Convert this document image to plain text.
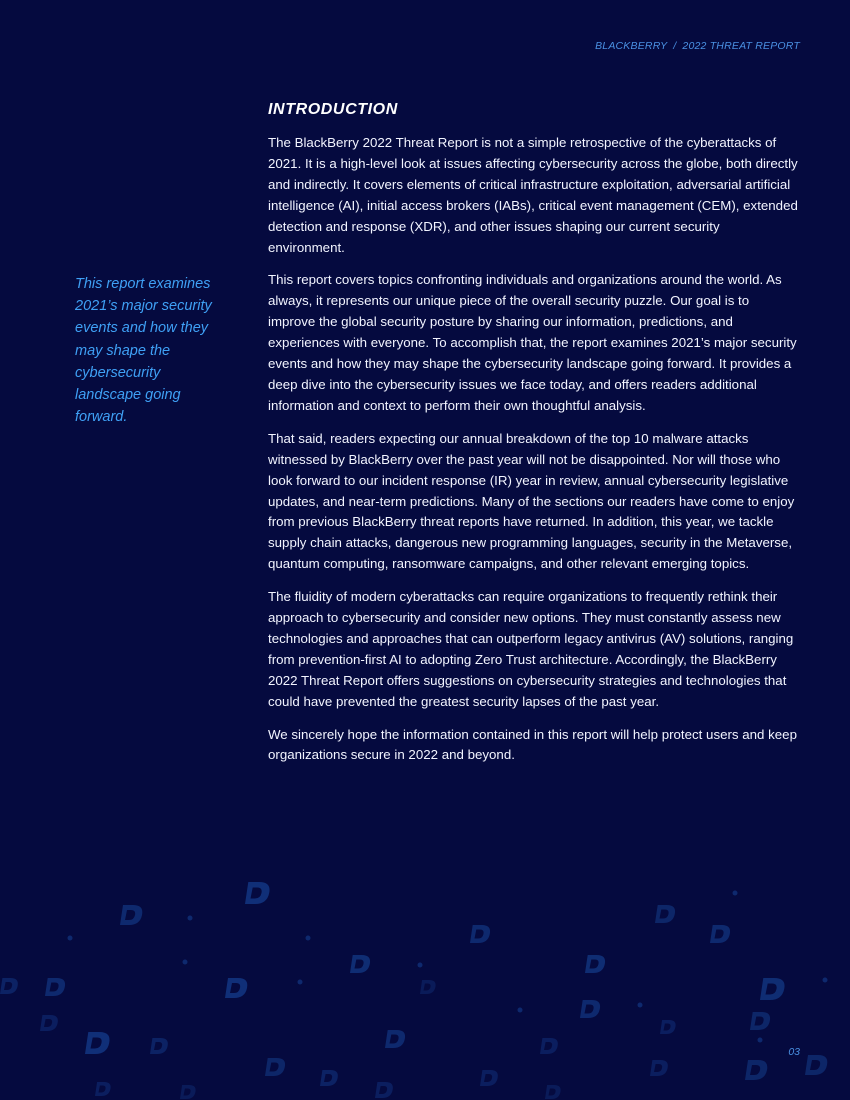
BLACKBERRY / 2022 THREAT REPORT
This report examines 2021’s major security events and how they may shape the cybersecurity landscape going forward.
INTRODUCTION

The BlackBerry 2022 Threat Report is not a simple retrospective of the cyberattacks of 2021. It is a high-level look at issues affecting cybersecurity across the globe, both directly and indirectly. It covers elements of critical infrastructure exploitation, adversarial artificial intelligence (AI), initial access brokers (IABs), critical event management (CEM), extended detection and response (XDR), and other issues shaping our current security environment.

This report covers topics confronting individuals and organizations around the world. As always, it represents our unique piece of the overall security puzzle. Our goal is to improve the global security posture by sharing our information, predictions, and experiences with everyone. To accomplish that, the report examines 2021’s major security events and how they may shape the cybersecurity landscape going forward. It provides a deep dive into the cybersecurity issues we face today, and offers readers additional information and context to perform their own thoughtful analysis.

That said, readers expecting our annual breakdown of the top 10 malware attacks witnessed by BlackBerry over the past year will not be disappointed. Nor will those who look forward to our incident response (IR) year in review, annual cybersecurity legislative updates, and near-term predictions. Many of the sections our readers have come to enjoy from previous BlackBerry threat reports have returned. In addition, this year, we tackle supply chain attacks, dangerous new programming languages, security in the Metaverse, quantum computing, ransomware campaigns, and other relevant emerging topics.

The fluidity of modern cyberattacks can require organizations to frequently rethink their approach to cybersecurity and consider new options. They must constantly assess new technologies and approaches that can outperform legacy antivirus (AV) solutions, ranging from prevention-first AI to adopting Zero Trust architecture. Accordingly, the BlackBerry 2022 Threat Report offers suggestions on cybersecurity strategies and technologies that could have prevented the greatest security lapses of the past year.

We sincerely hope the information contained in this report will help protect users and keep organizations secure in 2022 and beyond.

03
